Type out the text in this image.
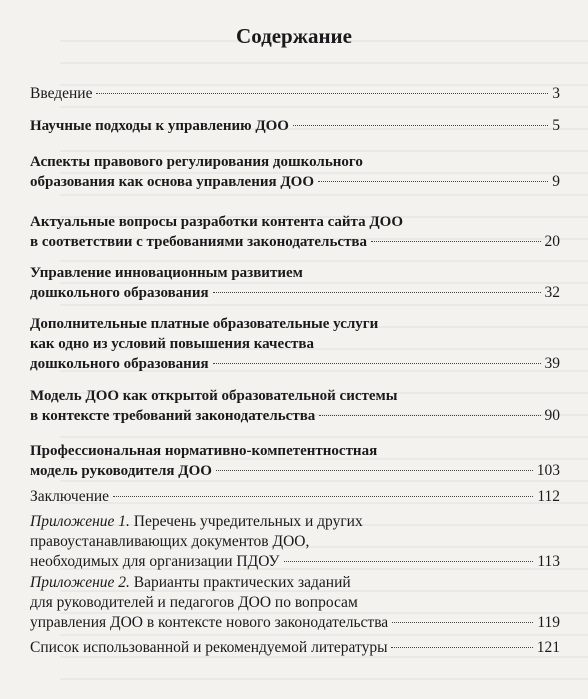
Содержание
Введение	3
Научные подходы к управлению ДОО	5
Аспекты правового регулирования дошкольного
образования как основа управления ДОО	9
Актуальные вопросы разработки контента сайта ДОО
в соответствии с требованиями законодательства	20
Управление инновационным развитием
дошкольного образования	32
Дополнительные платные образовательные услуги
как одно из условий повышения качества
дошкольного образования	39
Модель ДОО как открытой образовательной системы
в контексте требований законодательства	90
Профессиональная нормативно-компетентностная
модель руководителя ДОО	103
Заключение	112
Приложение 1. Перечень учредительных и других
правоустанавливающих документов ДОО,
необходимых для организации ПДОУ	113
Приложение 2. Варианты практических заданий
для руководителей и педагогов ДОО по вопросам
управления ДОО в контексте нового законодательства	119
Список использованной и рекомендуемой литературы	121
